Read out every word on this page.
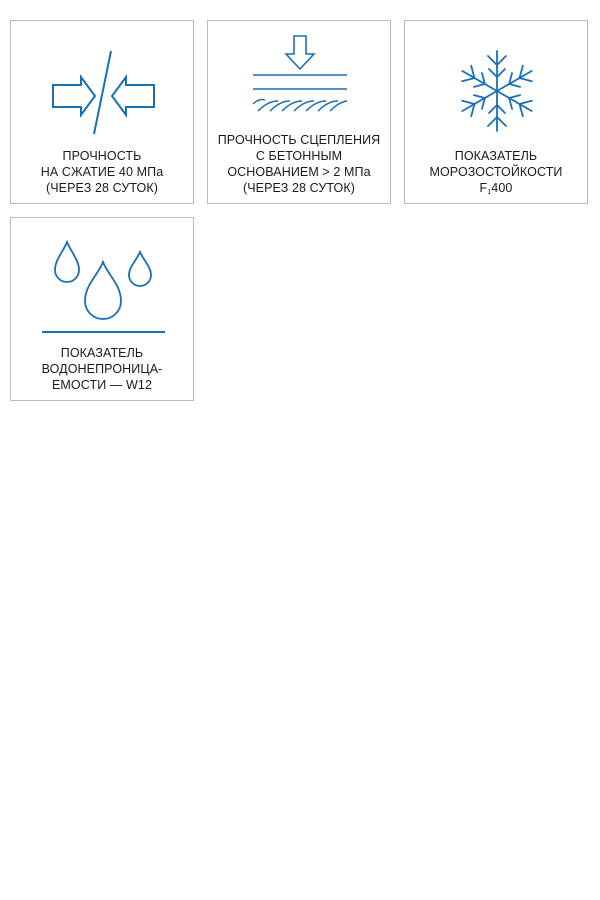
ПРОЧНОСТЬ
НА СЖАТИЕ 40 МПа
(ЧЕРЕЗ 28 СУТОК)
ПРОЧНОСТЬ СЦЕПЛЕНИЯ
С БЕТОННЫМ
ОСНОВАНИЕМ > 2 МПа
(ЧЕРЕЗ 28 СУТОК)
ПОКАЗАТЕЛЬ
МОРОЗОСТОЙКОСТИ
$F_1400$
ПОКАЗАТЕЛЬ
ВОДОНЕПРОНИЦА-
ЕМОСТИ — W12
